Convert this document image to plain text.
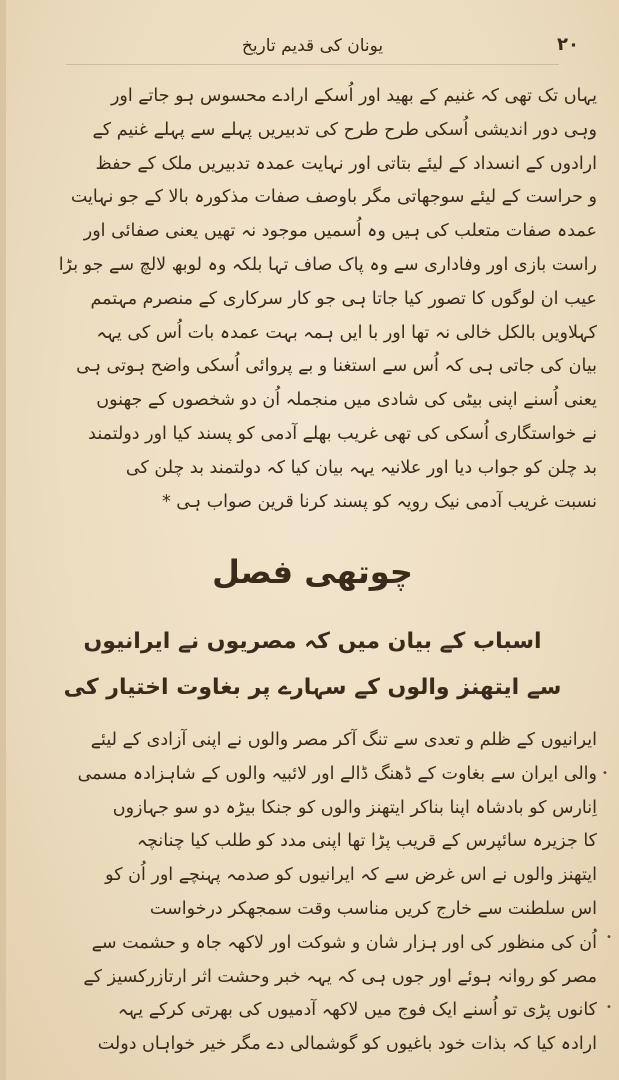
۲۰
یونان کی قدیم تاریخ
یہاں تک تھی کہ غنیم کے بھید اور اُسکے ارادے محسوس ہو جاتے اور
وہی دور اندیشی اُسکی طرح طرح کی تدبیریں پہلے سے پہلے غنیم کے
ارادوں کے انسداد کے لیئے بتاتی اور نہایت عمدہ تدبیریں ملک کے حفظ
و حراست کے لیئے سوجھاتی مگر باوصف صفات مذکورہ بالا کے جو نہایت
عمدہ صفات متعلب کی ہیں وہ اُسمیں موجود نہ تھیں یعنی صفائی اور
راست بازی اور وفاداری سے وہ پاک صاف تہا بلکہ وہ لوبھ لالچ سے جو بڑا
عیب ان لوگوں کا تصور کیا جاتا ہی جو کار سرکاری کے منصرم مہتمم
کہلاویں بالکل خالی نہ تھا اور با ایں ہمہ بہت عمدہ بات اُس کی یہہ
بیان کی جاتی ہی کہ اُس سے استغنا و بے پروائی اُسکی واضح ہوتی ہی
یعنی اُسنے اپنی بیٹی کی شادی میں منجملہ اُن دو شخصوں کے جھنوں
نے خواستگاری اُسکی کی تھی غریب بھلے آدمی کو پسند کیا اور دولتمند
بد چلن کو جواب دیا اور علانیہ یہہ بیان کیا کہ دولتمند بد چلن کی
نسبت غریب آدمی نیک رویہ کو پسند کرنا قرین صواب ہی *
چوتھی فصل
اسباب کے بیان میں کہ مصریوں نے ایرانیوں
سے ایتھنز والوں کے سہارے پر بغاوت اختیار کی
ایرانیوں کے ظلم و تعدی سے تنگ آکر مصر والوں نے اپنی آزادی کے لیئے
والی ایران سے بغاوت کے ڈھنگ ڈالے اور لائبیہ والوں کے شاہزادہ مسمی
اِنارس کو بادشاہ اپنا بناکر ایتھنز والوں کو جنکا بیڑہ دو سو جہازوں
کا جزیرہ سائپرس کے قریب پڑا تھا اپنی مدد کو طلب کیا چنانچہ
ایتھنز والوں نے اس غرض سے کہ ایرانیوں کو صدمہ پہنچے اور اُن کو
اس سلطنت سے خارج کریں مناسب وقت سمجھکر درخواست
اُن کی منظور کی اور ہزار شان و شوکت اور لاکھہ جاہ و حشمت سے
مصر کو روانہ ہوئے اور جوں ہی کہ یہہ خبر وحشت اثر ارتازرکسیز کے
کانوں پڑی تو اُسنے ایک فوج میں لاکھہ آدمیوں کی بھرتی کرکے یہہ
ارادہ کیا کہ بذات خود باغیوں کو گوشمالی دے مگر خیر خواہاں دولت
•
•
•
